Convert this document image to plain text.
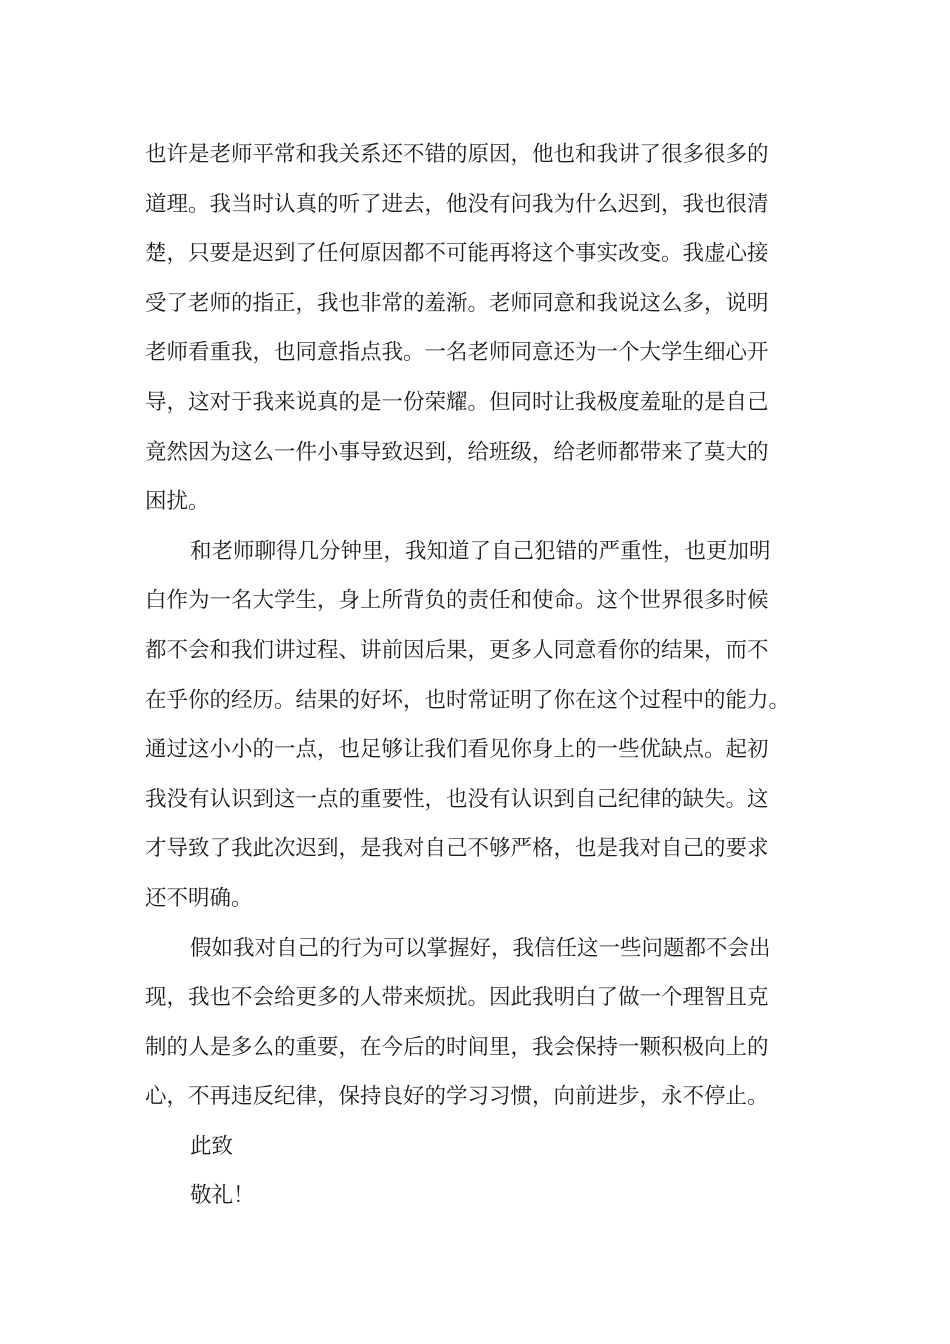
也许是老师平常和我关系还不错的原因，他也和我讲了很多很多的
道理。我当时认真的听了进去，他没有问我为什么迟到，我也很清
楚，只要是迟到了任何原因都不可能再将这个事实改变。我虚心接
受了老师的指正，我也非常的羞渐。老师同意和我说这么多，说明
老师看重我，也同意指点我。一名老师同意还为一个大学生细心开
导，这对于我来说真的是一份荣耀。但同时让我极度羞耻的是自己
竟然因为这么一件小事导致迟到，给班级，给老师都带来了莫大的
困扰。
和老师聊得几分钟里，我知道了自己犯错的严重性，也更加明
白作为一名大学生，身上所背负的责任和使命。这个世界很多时候
都不会和我们讲过程、讲前因后果，更多人同意看你的结果，而不
在乎你的经历。结果的好坏，也时常证明了你在这个过程中的能力。
通过这小小的一点，也足够让我们看见你身上的一些优缺点。起初
我没有认识到这一点的重要性，也没有认识到自己纪律的缺失。这
才导致了我此次迟到，是我对自己不够严格，也是我对自己的要求
还不明确。
假如我对自己的行为可以掌握好，我信任这一些问题都不会出
现，我也不会给更多的人带来烦扰。因此我明白了做一个理智且克
制的人是多么的重要，在今后的时间里，我会保持一颗积极向上的
心，不再违反纪律，保持良好的学习习惯，向前进步，永不停止。
此致
敬礼！
